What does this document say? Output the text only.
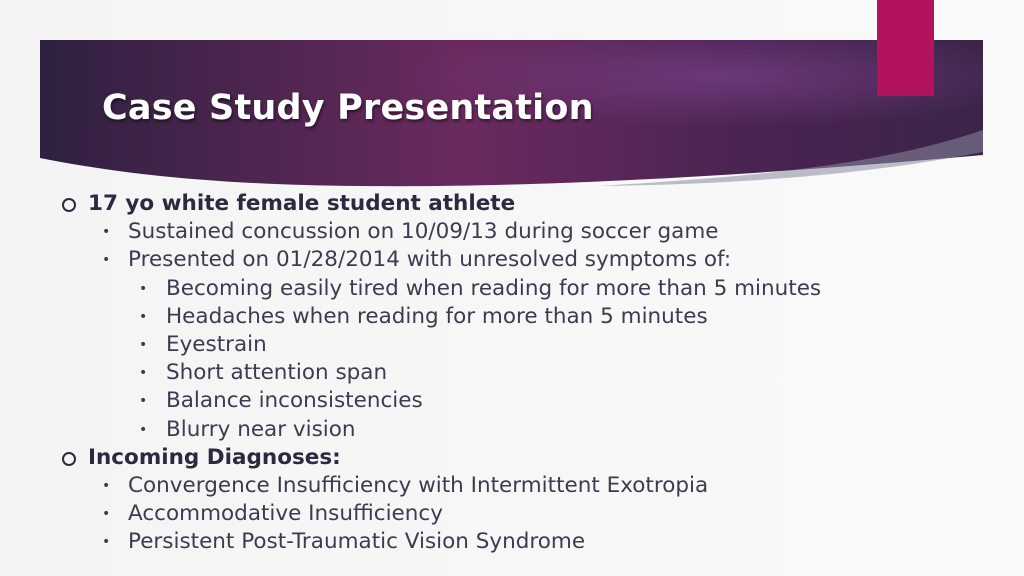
Case Study Presentation
17 yo white female student athlete
• Sustained concussion on 10/09/13 during soccer game
• Presented on 01/28/2014 with unresolved symptoms of:
• Becoming easily tired when reading for more than 5 minutes
• Headaches when reading for more than 5 minutes
• Eyestrain
• Short attention span
• Balance inconsistencies
• Blurry near vision
Incoming Diagnoses:
• Convergence Insufficiency with Intermittent Exotropia
• Accommodative Insufficiency
• Persistent Post-Traumatic Vision Syndrome
